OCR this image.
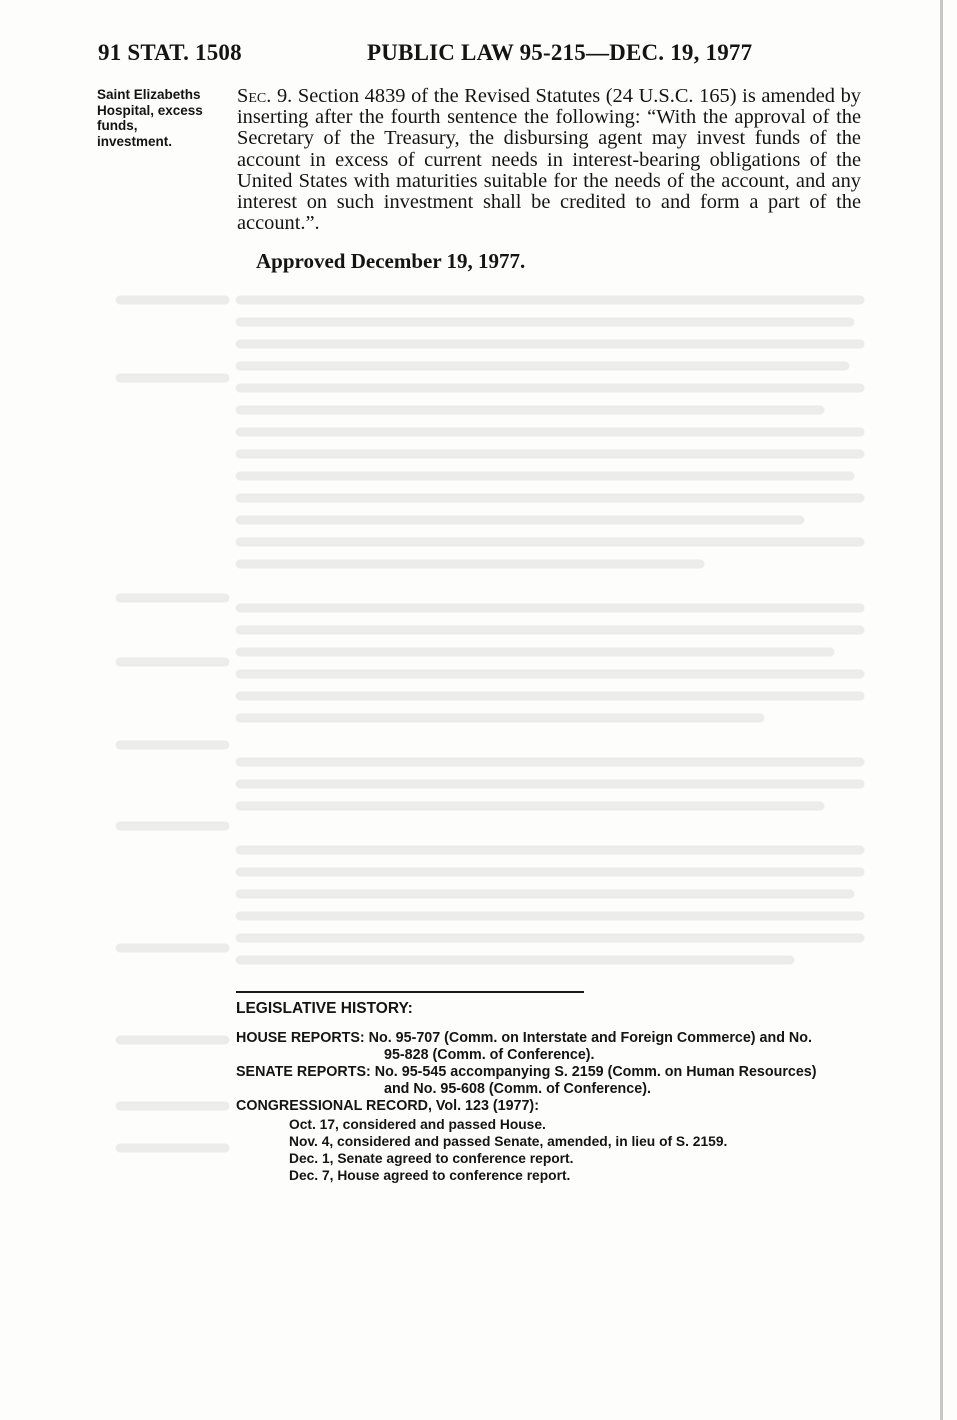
91 STAT. 1508	PUBLIC LAW 95-215—DEC. 19, 1977
Saint Elizabeths
Hospital, excess
funds,
investment.
Sec. 9. Section 4839 of the Revised Statutes (24 U.S.C. 165) is amended by inserting after the fourth sentence the following: “With the approval of the Secretary of the Treasury, the disbursing agent may invest funds of the account in excess of current needs in interest-bearing obligations of the United States with maturities suitable for the needs of the account, and any interest on such investment shall be credited to and form a part of the account.”.
Approved December 19, 1977.
LEGISLATIVE HISTORY:
HOUSE REPORTS: No. 95-707 (Comm. on Interstate and Foreign Commerce) and No.
95-828 (Comm. of Conference).
SENATE REPORTS: No. 95-545 accompanying S. 2159 (Comm. on Human Resources)
and No. 95-608 (Comm. of Conference).
CONGRESSIONAL RECORD, Vol. 123 (1977):
Oct. 17, considered and passed House.
Nov. 4, considered and passed Senate, amended, in lieu of S. 2159.
Dec. 1, Senate agreed to conference report.
Dec. 7, House agreed to conference report.
